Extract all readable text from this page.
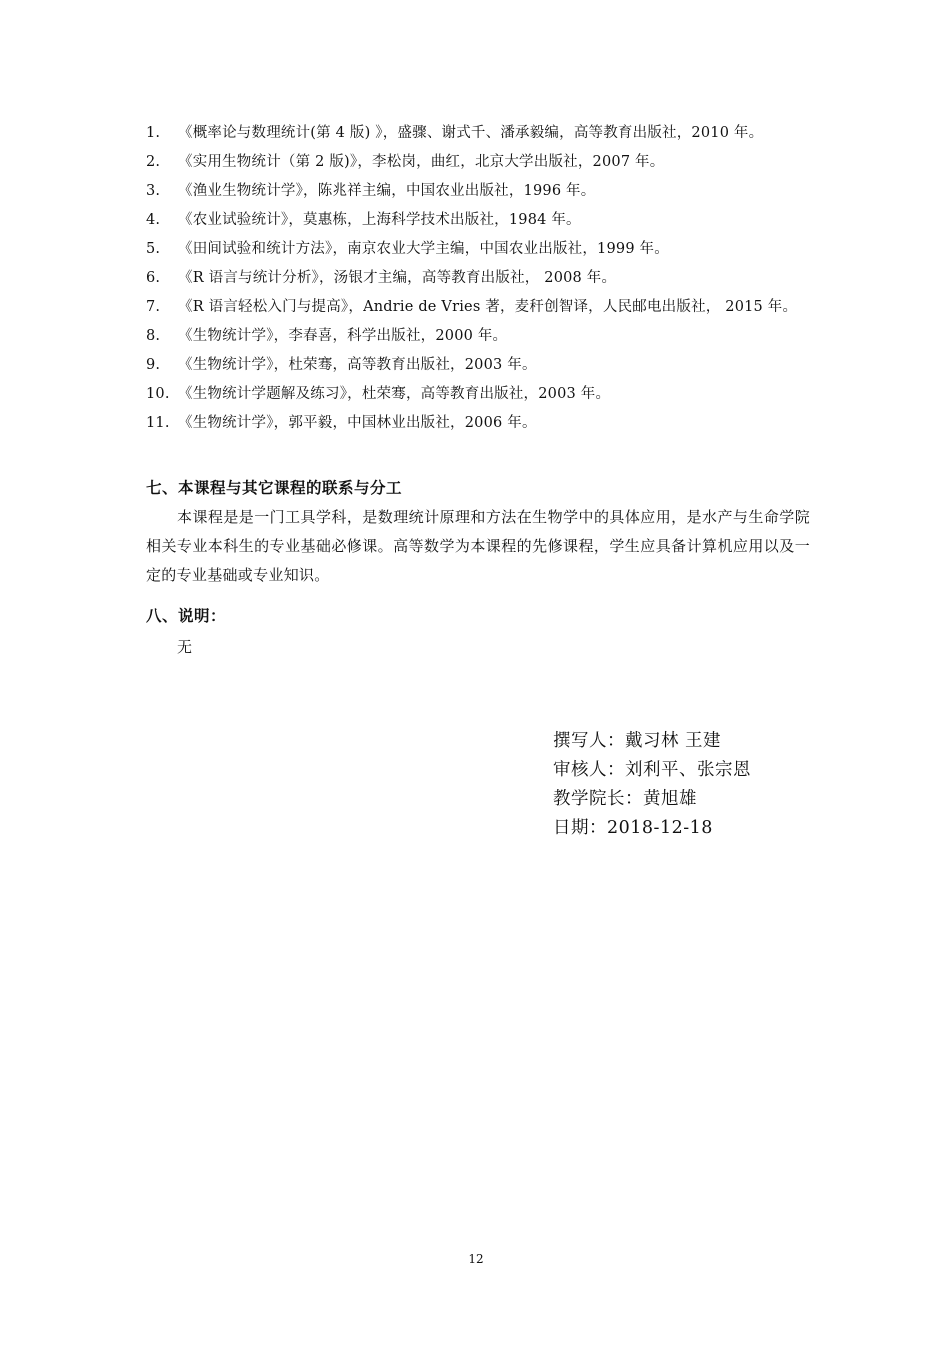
1.	《概率论与数理统计(第 4 版) 》，盛骤、谢式千、潘承毅编，高等教育出版社，2010 年。
2.	《实用生物统计（第 2 版)》，李松岗，曲红，北京大学出版社，2007 年。
3.	《渔业生物统计学》，陈兆祥主编，中国农业出版社，1996 年。
4.	《农业试验统计》，莫惠栋，上海科学技术出版社，1984 年。
5.	《田间试验和统计方法》，南京农业大学主编，中国农业出版社，1999 年。
6.	《R 语言与统计分析》，汤银才主编，高等教育出版社， 2008 年。
7.	《R 语言轻松入门与提高》，Andrie de Vries 著，麦秆创智译，人民邮电出版社， 2015 年。
8.	《生物统计学》，李春喜，科学出版社，2000 年。
9.	《生物统计学》，杜荣骞，高等教育出版社，2003 年。
10. 《生物统计学题解及练习》，杜荣骞，高等教育出版社，2003 年。
11. 《生物统计学》，郭平毅，中国林业出版社，2006 年。
七、本课程与其它课程的联系与分工

本课程是是一门工具学科，是数理统计原理和方法在生物学中的具体应用，是水产与生命学院相关专业本科生的专业基础必修课。高等数学为本课程的先修课程，学生应具备计算机应用以及一定的专业基础或专业知识。

八、说明：
无
撰写人：戴习林 王建
审核人：刘利平、张宗恩
教学院长：黄旭雄
日期：2018-12-18
12
